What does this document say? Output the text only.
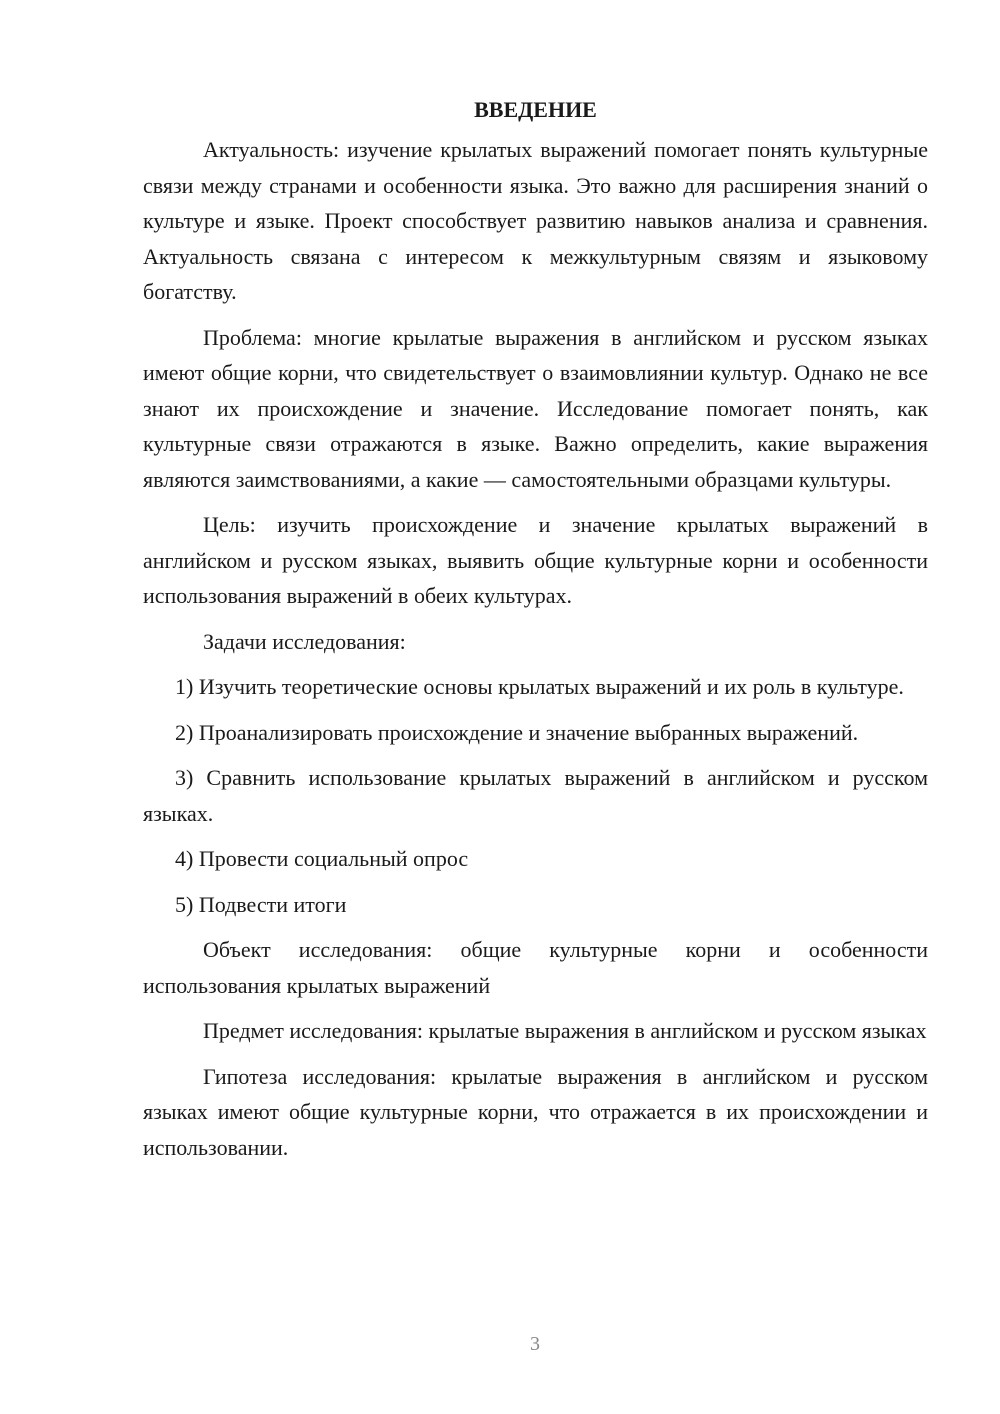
ВВЕДЕНИЕ

Актуальность: изучение крылатых выражений помогает понять культурные связи между странами и особенности языка. Это важно для расширения знаний о культуре и языке. Проект способствует развитию навыков анализа и сравнения. Актуальность связана с интересом к межкультурным связям и языковому богатству.

Проблема: многие крылатые выражения в английском и русском языках имеют общие корни, что свидетельствует о взаимовлиянии культур. Однако не все знают их происхождение и значение. Исследование помогает понять, как культурные связи отражаются в языке. Важно определить, какие выражения являются заимствованиями, а какие — самостоятельными образцами культуры.

Цель: изучить происхождение и значение крылатых выражений в английском и русском языках, выявить общие культурные корни и особенности использования выражений в обеих культурах.

Задачи исследования:

1) Изучить теоретические основы крылатых выражений и их роль в культуре.

2) Проанализировать происхождение и значение выбранных выражений.

3) Сравнить использование крылатых выражений в английском и русском языках.

4) Провести социальный опрос

5) Подвести итоги

Объект исследования: общие культурные корни и особенности использования крылатых выражений

Предмет исследования: крылатые выражения в английском и русском языках

Гипотеза исследования: крылатые выражения в английском и русском языках имеют общие культурные корни, что отражается в их происхождении и использовании.

3
